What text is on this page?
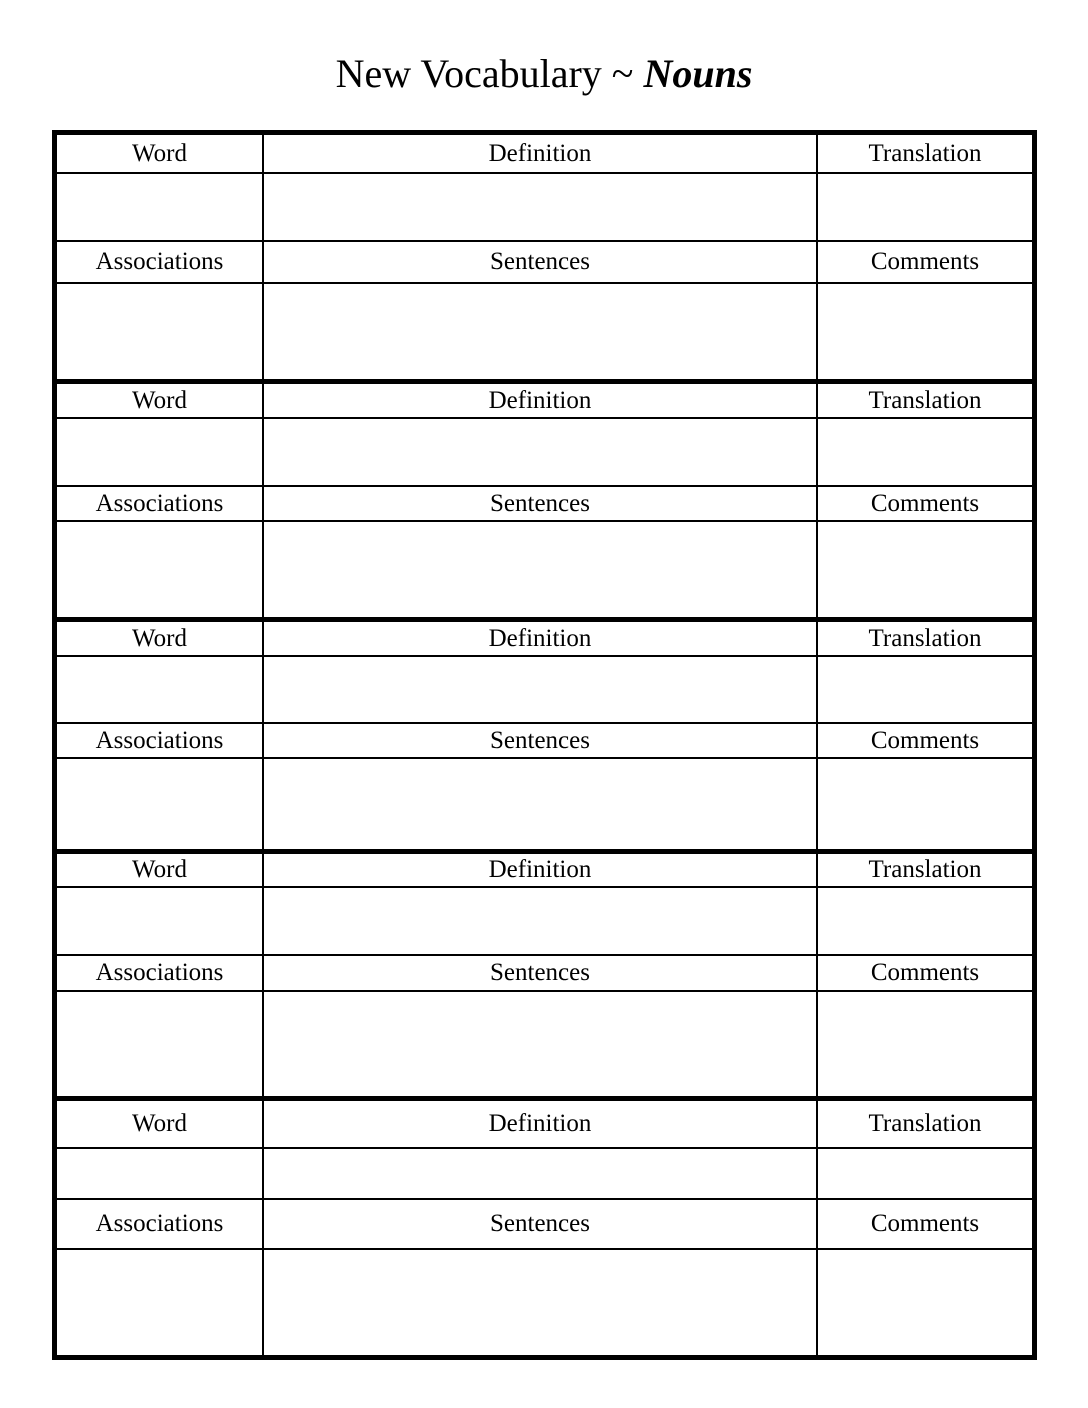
New Vocabulary ~ Nouns
Word	Definition	Translation
Associations	Sentences	Comments
Word	Definition	Translation
Associations	Sentences	Comments
Word	Definition	Translation
Associations	Sentences	Comments
Word	Definition	Translation
Associations	Sentences	Comments
Word	Definition	Translation
Associations	Sentences	Comments
